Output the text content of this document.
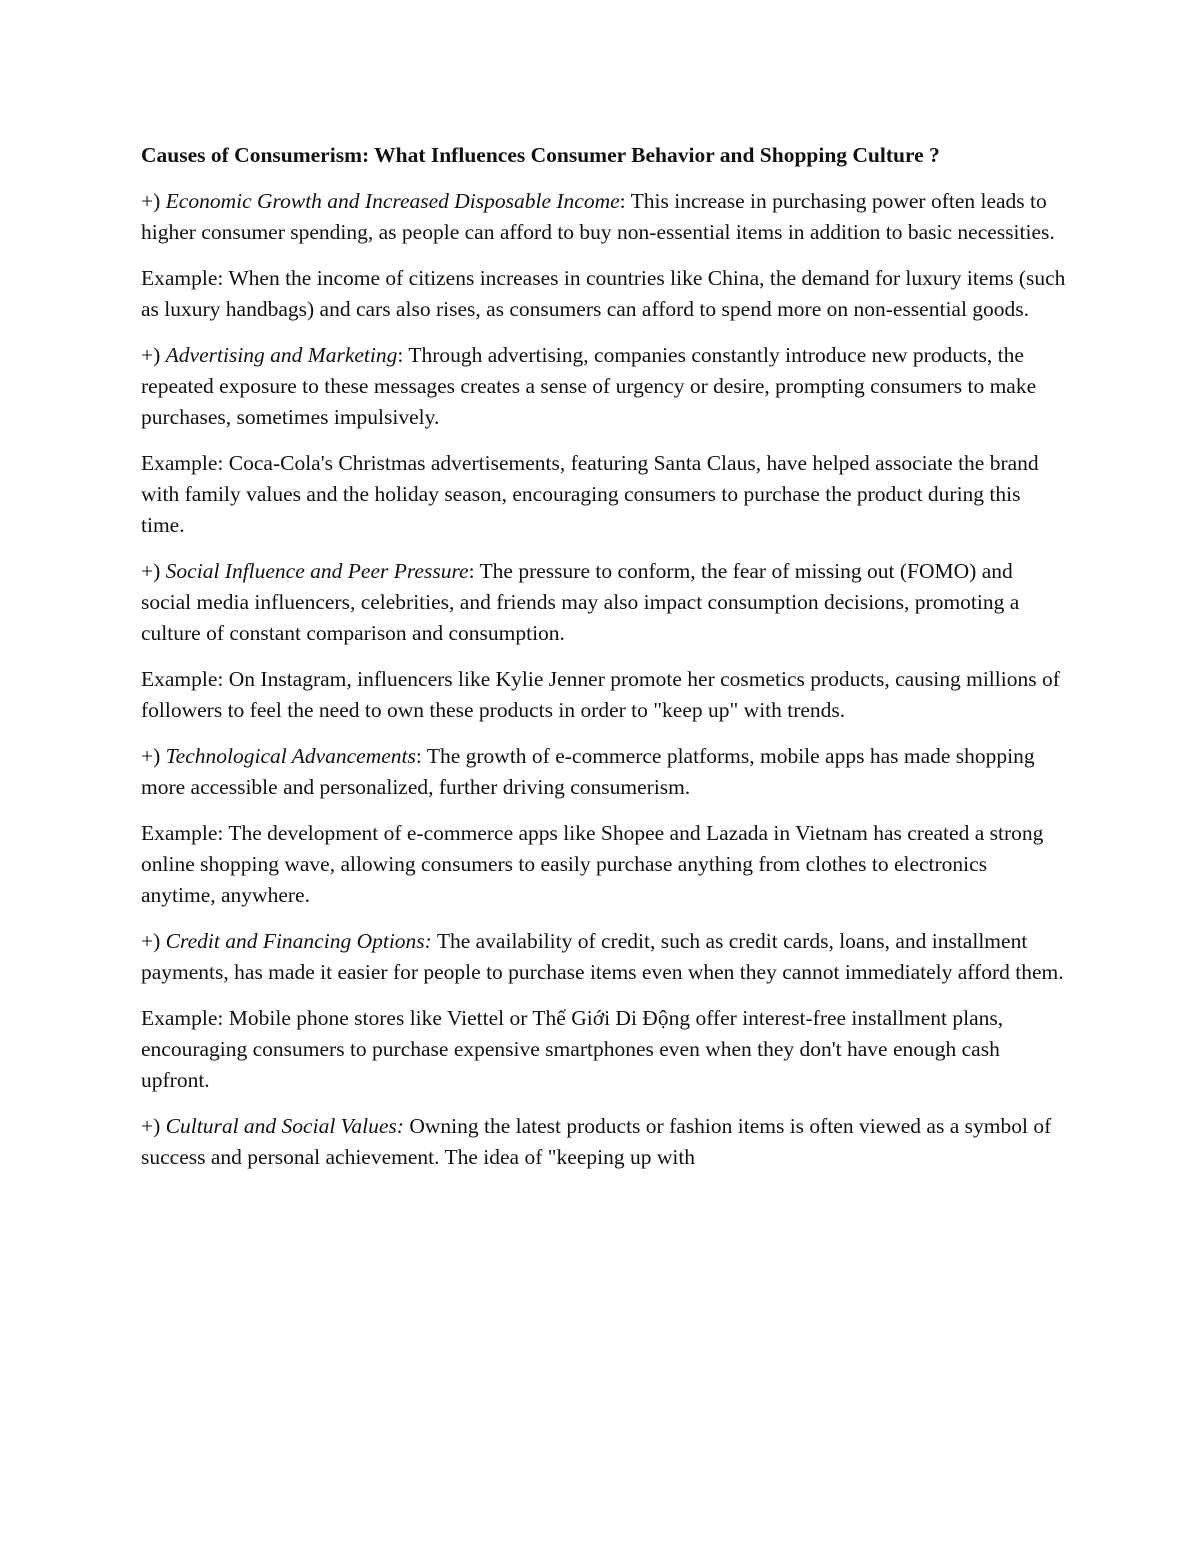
Causes of Consumerism: What Influences Consumer Behavior and Shopping Culture ?

+) Economic Growth and Increased Disposable Income: This increase in purchasing power often leads to higher consumer spending, as people can afford to buy non-essential items in addition to basic necessities.

Example: When the income of citizens increases in countries like China, the demand for luxury items (such as luxury handbags) and cars also rises, as consumers can afford to spend more on non-essential goods.

+) Advertising and Marketing: Through advertising, companies constantly introduce new products, the repeated exposure to these messages creates a sense of urgency or desire, prompting consumers to make purchases, sometimes impulsively.

Example: Coca-Cola's Christmas advertisements, featuring Santa Claus, have helped associate the brand with family values and the holiday season, encouraging consumers to purchase the product during this time.

+) Social Influence and Peer Pressure: The pressure to conform, the fear of missing out (FOMO) and social media influencers, celebrities, and friends may also impact consumption decisions, promoting a culture of constant comparison and consumption.

Example: On Instagram, influencers like Kylie Jenner promote her cosmetics products, causing millions of followers to feel the need to own these products in order to "keep up" with trends.

+) Technological Advancements: The growth of e-commerce platforms, mobile apps has made shopping more accessible and personalized, further driving consumerism.

Example: The development of e-commerce apps like Shopee and Lazada in Vietnam has created a strong online shopping wave, allowing consumers to easily purchase anything from clothes to electronics anytime, anywhere.

+) Credit and Financing Options: The availability of credit, such as credit cards, loans, and installment payments, has made it easier for people to purchase items even when they cannot immediately afford them.

Example: Mobile phone stores like Viettel or Thế Giới Di Động offer interest-free installment plans, encouraging consumers to purchase expensive smartphones even when they don't have enough cash upfront.

+) Cultural and Social Values: Owning the latest products or fashion items is often viewed as a symbol of success and personal achievement. The idea of "keeping up with
